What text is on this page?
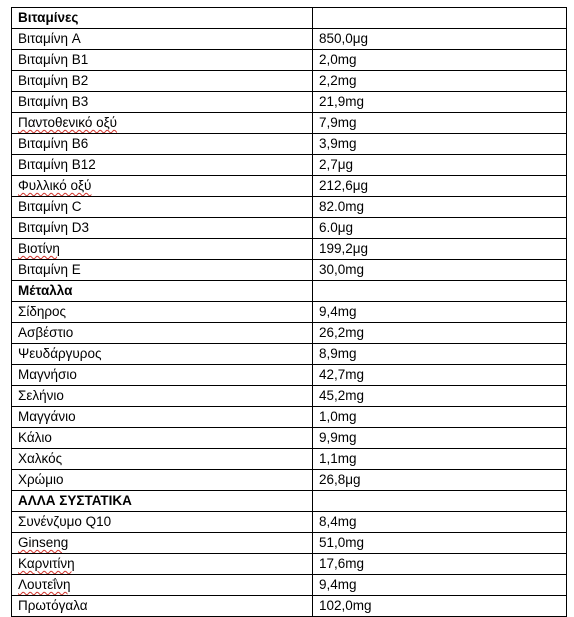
Βιταμίνες	
Βιταμίνη A	850,0μg
Βιταμίνη B1	2,0mg
Βιταμίνη B2	2,2mg
Βιταμίνη B3	21,9mg
Παντοθενικό οξύ	7,9mg
Βιταμίνη B6	3,9mg
Βιταμίνη B12	2,7μg
Φυλλικό οξύ	212,6μg
Βιταμίνη C	82.0mg
Βιταμίνη D3	6.0μg
Βιοτίνη	199,2μg
Βιταμίνη E	30,0mg
Μέταλλα	
Σίδηρος	9,4mg
Ασβέστιο	26,2mg
Ψευδάργυρος	8,9mg
Μαγνήσιο	42,7mg
Σελήνιο	45,2mg
Μαγγάνιο	1,0mg
Κάλιο	9,9mg
Χαλκός	1,1mg
Χρώμιο	26,8μg
ΑΛΛΑ ΣΥΣΤΑΤΙΚΑ	
Συνένζυμο Q10	8,4mg
Ginseng	51,0mg
Καρνιτίνη	17,6mg
Λουτεΐνη	9,4mg
Πρωτόγαλα	102,0mg
